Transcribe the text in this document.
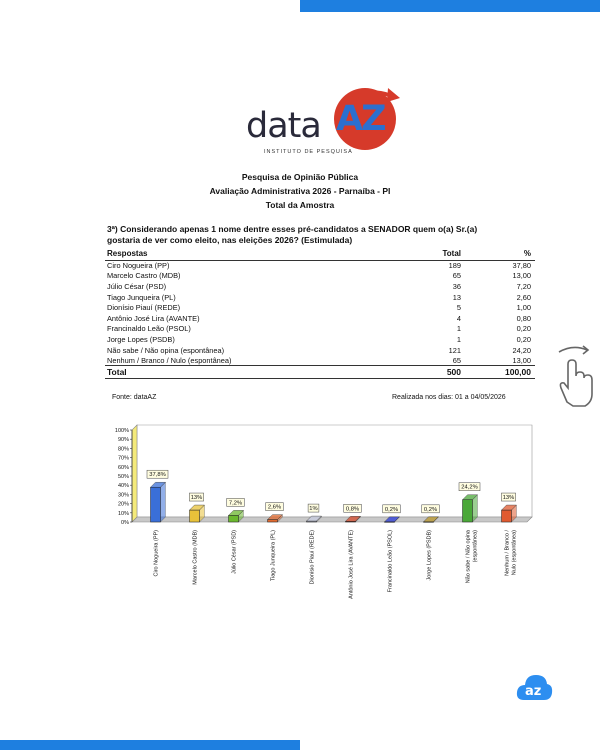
data AZ
INSTITUTO DE PESQUISA
Pesquisa de Opinião Pública
Avaliação Administrativa 2026 - Parnaíba - PI
Total da Amostra
3ª) Considerando apenas 1 nome dentre esses pré-candidatos a SENADOR quem o(a) Sr.(a) gostaria de ver como eleito, nas eleições 2026? (Estimulada)
Respostas	Total	%
Ciro Nogueira (PP)	189	37,80
Marcelo Castro (MDB)	65	13,00
Júlio César (PSD)	36	7,20
Tiago Junqueira (PL)	13	2,60
Dionísio Piauí (REDE)	5	1,00
Antônio José Lira (AVANTE)	4	0,80
Francinaldo Leão (PSOL)	1	0,20
Jorge Lopes (PSDB)	1	0,20
Não sabe / Não opina (espontânea)	121	24,20
Nenhum / Branco / Nulo (espontânea)	65	13,00
Total	500	100,00
Fonte: dataAZ	Realizada nos dias: 01 a 04/05/2026
0%
10%
20%
30%
40%
50%
60%
70%
80%
90%
100%
37,8%
Ciro Nogueira (PP)
13%
Marcelo Castro (MDB)
7,2%
Júlio César (PSD)
2,6%
Tiago Junqueira (PL)
1%
Dionísio Piauí (REDE)
0,8%
Antônio José Lira (AVANTE)
0,2%
Francinaldo Leão (PSOL)
0,2%
Jorge Lopes (PSDB)
24,2%
Não sabe / Não opina (espontânea)
13%
Nenhum / Branco / Nulo (espontânea)
az
